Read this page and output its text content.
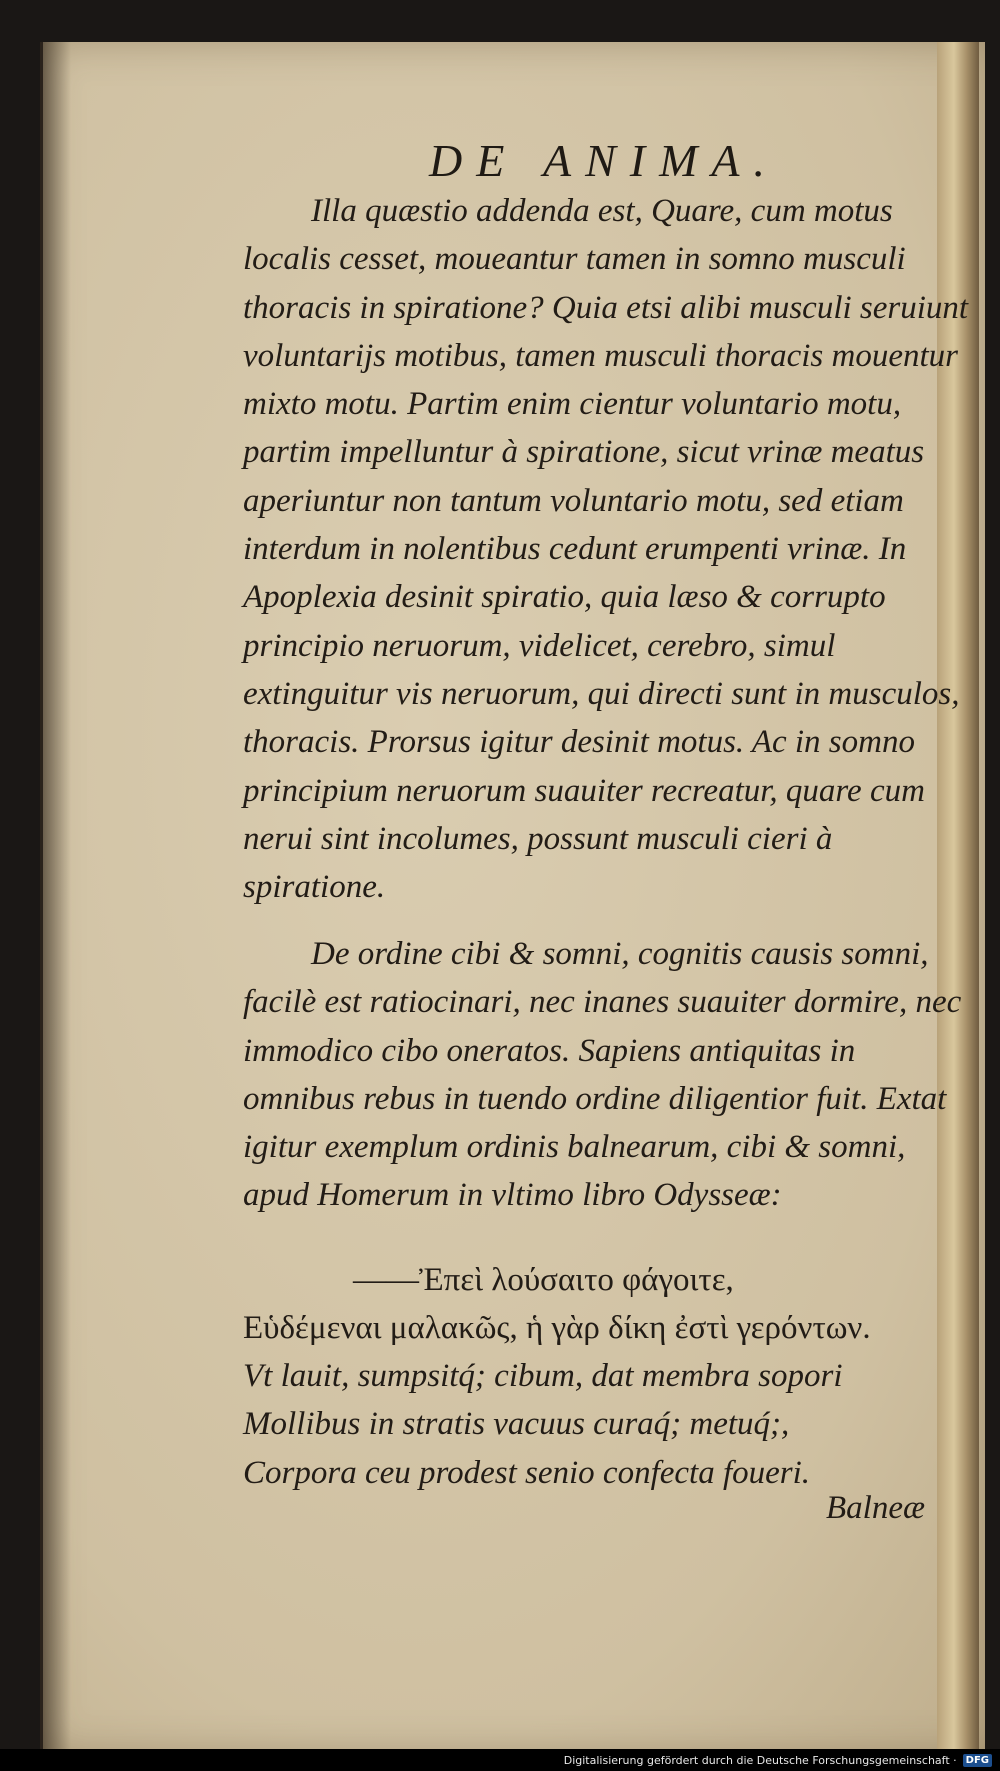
DE ANIMA.

Illa quæstio addenda est, Quare, cum motus localis cesset, moueantur tamen in somno musculi thoracis in spiratione? Quia etsi alibi musculi seruiunt voluntarijs motibus, tamen musculi thoracis mouentur mixto motu. Partim enim cientur voluntario motu, partim impelluntur à spiratione, sicut vrinæ meatus aperiuntur non tantum voluntario motu, sed etiam interdum in nolentibus cedunt erumpenti vrinæ. In Apoplexia desinit spiratio, quia læso & corrupto principio neruorum, videlicet, cerebro, simul extinguitur vis neruorum, qui directi sunt in musculos, thoracis. Prorsus igitur desinit motus. Ac in somno principium neruorum suauiter recreatur, quare cum nerui sint incolumes, possunt musculi cieri à spiratione.

De ordine cibi & somni, cognitis causis somni, facilè est ratiocinari, nec inanes suauiter dormire, nec immodico cibo oneratos. Sapiens antiquitas in omnibus rebus in tuendo ordine diligentior fuit. Extat igitur exemplum ordinis balnearum, cibi & somni, apud Homerum in vltimo libro Odysseæ:

——Ἐπεὶ λούσαιτο φάγοιτε,
Εὑδέμεναι μαλακῶς, ἡ γὰρ δίκη ἐστὶ γερόντων.
Vt lauit, sumpsitq́; cibum, dat membra sopori
Mollibus in stratis vacuus curaq́; metuq́;,
Corpora ceu prodest senio confecta foueri.
Balneæ
Digitalisierung gefördert durch die Deutsche Forschungsgemeinschaft · DFG
